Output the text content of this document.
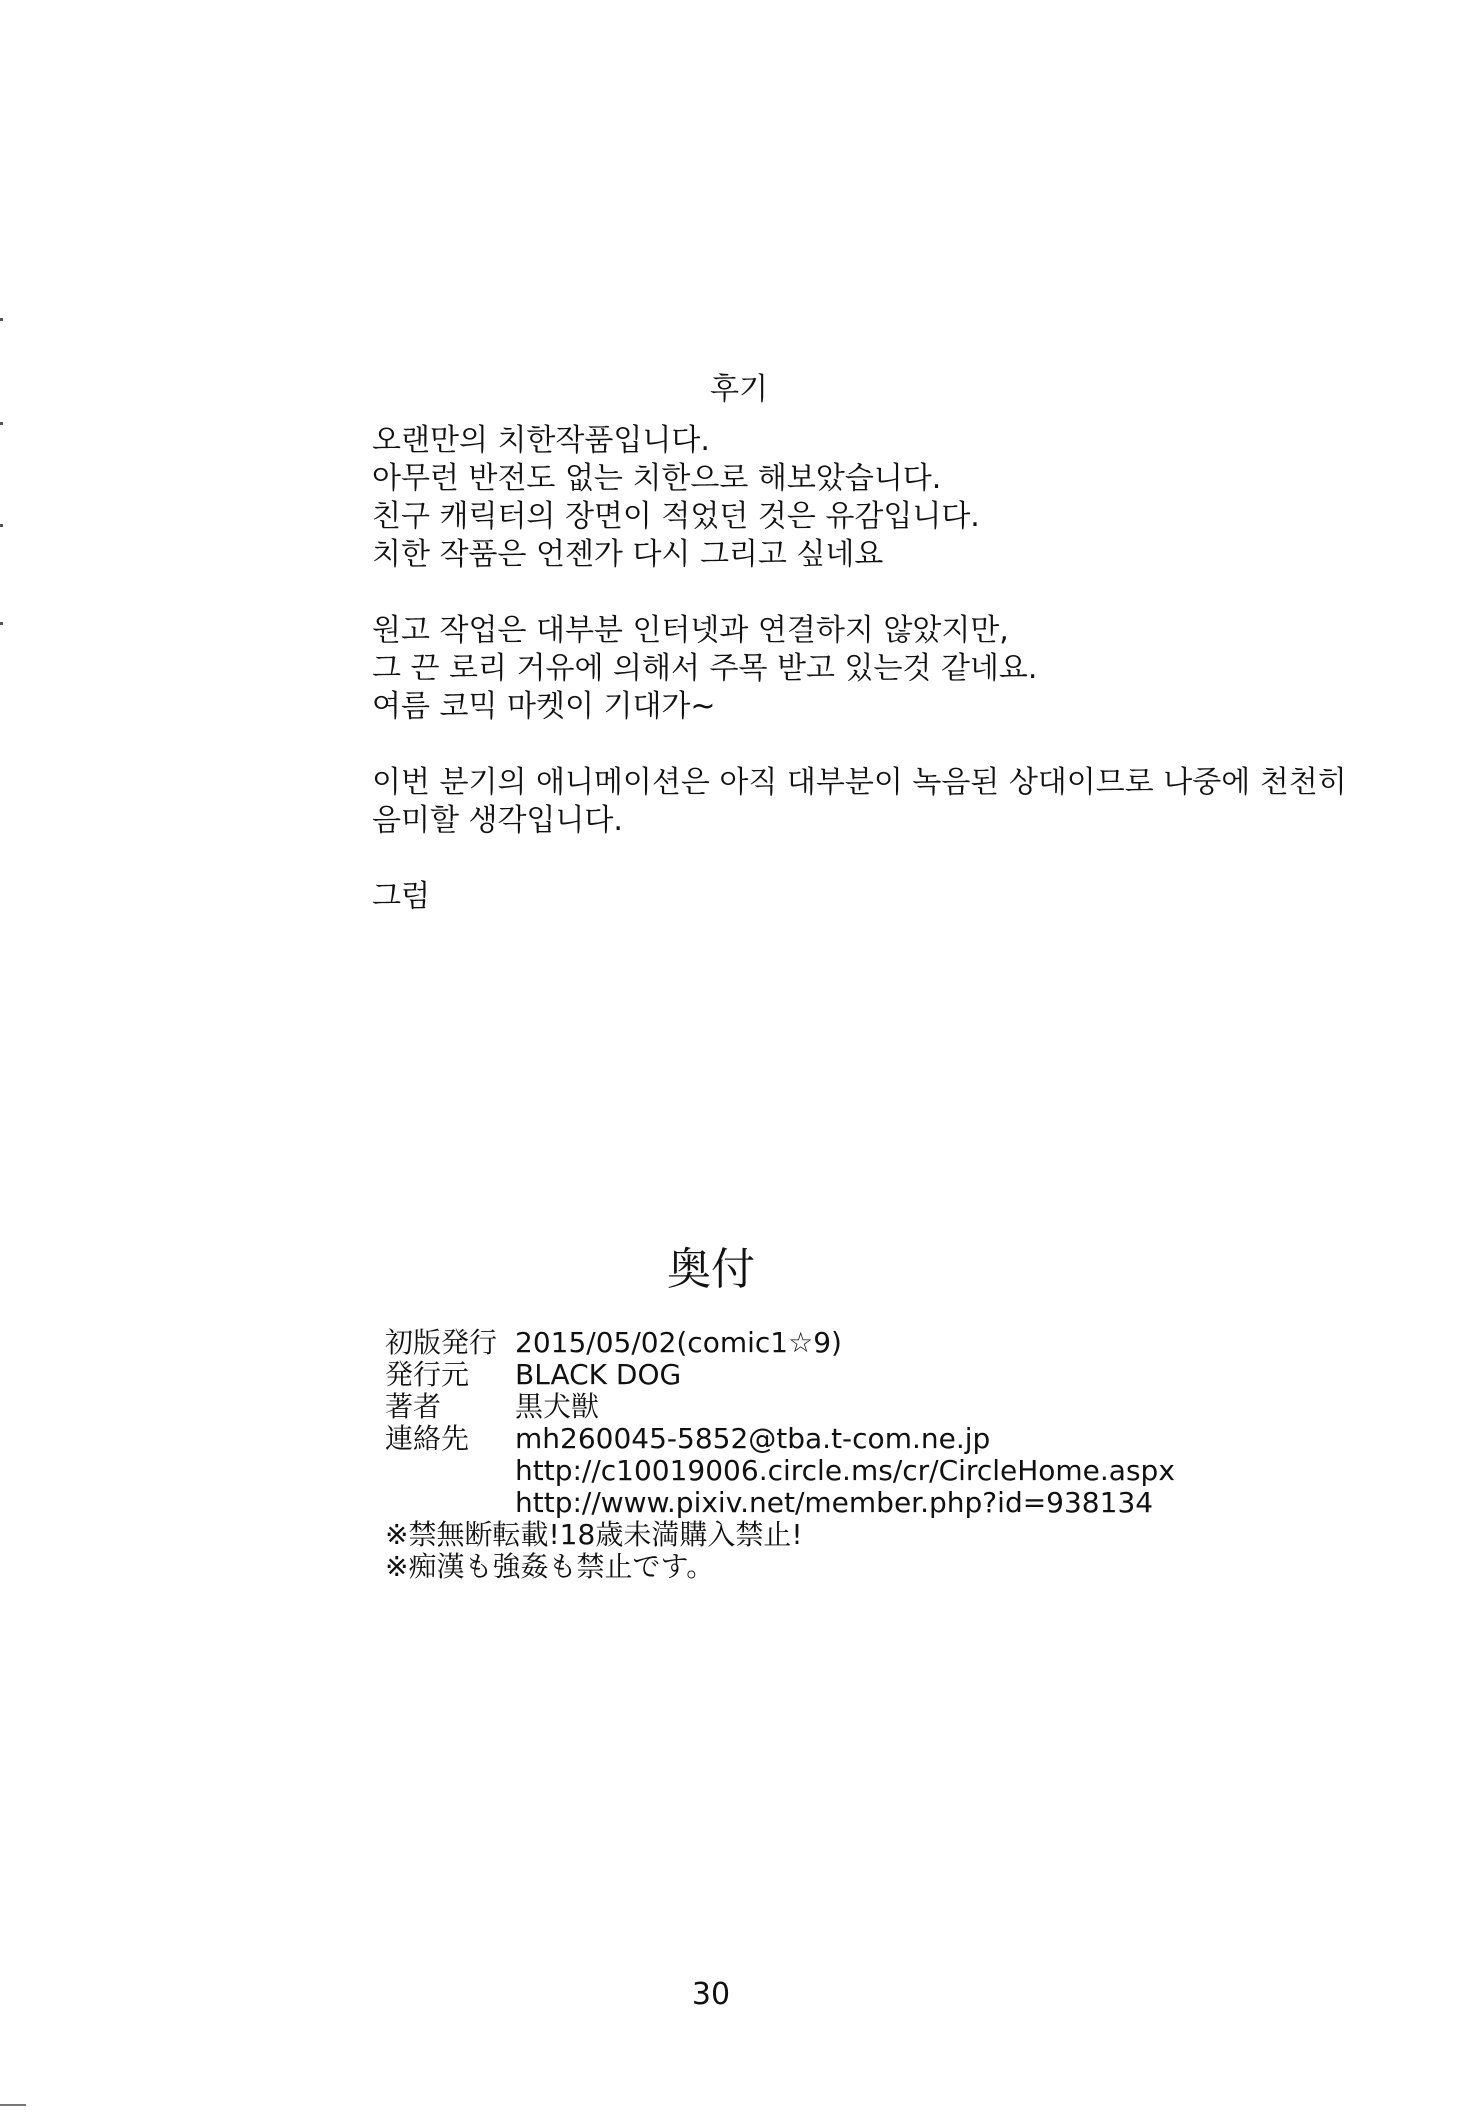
후기
오랜만의 치한작품입니다.
아무런 반전도 없는 치한으로 해보았습니다.
친구 캐릭터의 장면이 적었던 것은 유감입니다.
치한 작품은 언젠가 다시 그리고 싶네요
원고 작업은 대부분 인터넷과 연결하지 않았지만,
그 끈 로리 거유에 의해서 주목 받고 있는것 같네요.
여름 코믹 마켓이 기대가~
이번 분기의 애니메이션은 아직 대부분이 녹음된 상대이므로 나중에 천천히
음미할 생각입니다.
그럼
奥付
初版発行 2015/05/02(comic1☆9)
発行元	BLACK DOG
著者	黒犬獣
連絡先	mh260045-5852@tba.t-com.ne.jp
http://c10019006.circle.ms/cr/CircleHome.aspx
http://www.pixiv.net/member.php?id=938134
※禁無断転載!18歳未満購入禁止!
※痴漢も強姦も禁止です。
30
